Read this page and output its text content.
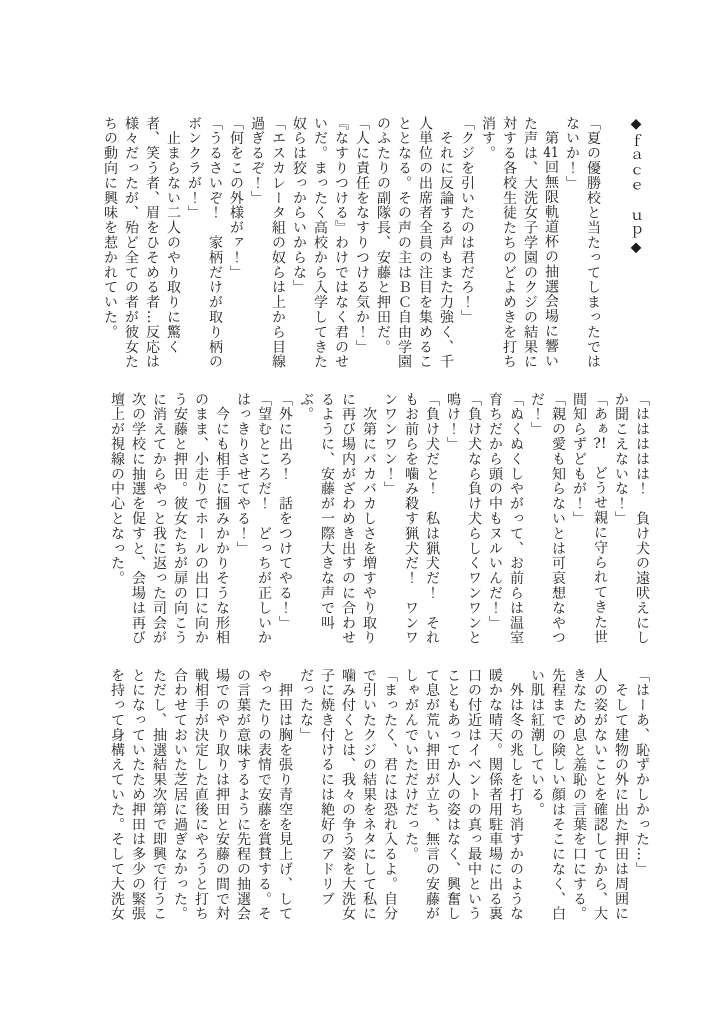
◆ｆａｃｅ　ｕｐ◆

「夏の優勝校と当たってしまったではないか！」

　第41回無限軌道杯の抽選会場に響いた声は、大洗女子学園のクジの結果に対する各校生徒たちのどよめきを打ち消す。

「クジを引いたのは君だろ！」

　それに反論する声もまた力強く、千人単位の出席者全員の注目を集めることとなる。その声の主はＢＣ自由学園のふたりの副隊長、安藤と押田だ。

「人に責任をなすりつける気か！」

『なすりつける』わけではなく君のせいだ。まったく高校から入学してきた奴らは狡っからいからな」

「エスカレータ組の奴らは上から目線過ぎるぞ！」

「何をこの外様がァ！」

「うるさいぞ！　家柄だけが取り柄のボンクラが！」

　止まらない二人のやり取りに驚く者、笑う者、眉をひそめる者…反応は様々だったが、殆ど全ての者が彼女たちの動向に興味を惹かれていた。

「ははははは！　負け犬の遠吠えにしか聞こえないな！」

「あぁ?!　どうせ親に守られてきた世間知らずどもが！」

「親の愛も知らないとは可哀想なやつだ！」

「ぬくぬくしやがって、お前らは温室育ちだから頭の中もヌルいんだ！」

「負け犬なら負け犬らしくワンワンと鳴け！」

「負け犬だと！　私は猟犬だ！　それもお前らを噛み殺す猟犬だ！　ワンワンワンワン！」

　次第にバカバカしさを増すやり取りに再び場内がざわめき出すのに合わせるように、安藤が一際大きな声で叫ぶ。

「外に出ろ！　話をつけてやる！」

「望むところだ！　どっちが正しいかはっきりさせてやる！」

　今にも相手に掴みかかりそうな形相のまま、小走りでホールの出口に向かう安藤と押田。彼女たちが扉の向こうに消えてからやっと我に返った司会が次の学校に抽選を促すと、会場は再び壇上が視線の中心となった。

「はーあ、恥ずかしかった…」

　そして建物の外に出た押田は周囲に人の姿がないことを確認してから、大きなため息と羞恥の言葉を口にする。先程までの険しい顔はそこになく、白い肌は紅潮している。

　外は冬の兆しを打ち消すかのような暖かな晴天。関係者用駐車場に出る裏口の付近はイベントの真っ最中ということもあってか人の姿はなく、興奮して息が荒い押田が立ち、無言の安藤がしゃがんでいただけだった。

「まったく、君には恐れ入るよ。自分で引いたクジの結果をネタにして私に噛み付くとは、我々の争う姿を大洗女子に焼き付けるには絶好のアドリブだったな」

　押田は胸を張り青空を見上げ、してやったりの表情で安藤を賞賛する。その言葉が意味するように先程の抽選会場でのやり取りは押田と安藤の間で対戦相手が決定した直後にやろうと打ち合わせておいた芝居に過ぎなかった。ただし、抽選結果次第で即興で行うことになっていたため押田は多少の緊張を持って身構えていた。そして大洗女
